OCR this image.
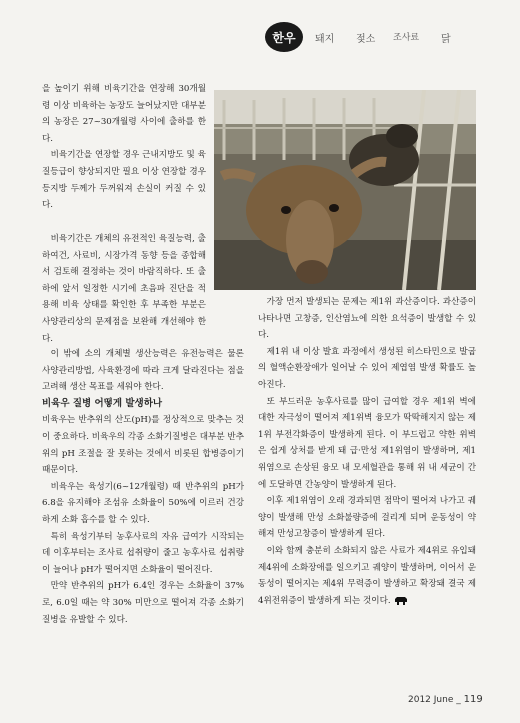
한우	돼지 젖소 조사료 닭

을 높이기 위해 비육기간을 연장해 30개월령 이상 비육하는 농장도 늘어났지만 대부분의 농장은 27~30개월령 사이에 출하를 한다.

비육기간을 연장할 경우 근내지방도 및 육질등급이 향상되지만 필요 이상 연장할 경우 등지방 두께가 두꺼워져 손실이 커질 수 있다.

비육기간은 개체의 유전적인 육질능력, 출하여건, 사료비, 시장가격 동향 등을 종합해서 검토해 결정하는 것이 바람직하다. 또 출하에 앞서 일정한 시기에 초음파 진단을 적용해 비육 상태를 확인한 후 부족한 부분은 사양관리상의 문제점을 보완해 개선해야 한다.

이 밖에 소의 개체별 생산능력은 유전능력은 물론 사양관리방법, 사육환경에 따라 크게 달라진다는 점을 고려해 생산 목표를 세워야 한다.

비육우 질병 어떻게 발생하나

비육우는 반추위의 산도(pH)를 정상적으로 맞추는 것이 중요하다. 비육우의 각종 소화기질병은 대부분 반추위의 pH 조절을 잘 못하는 것에서 비롯된 합병증이기 때문이다.

비육우는 육성기(6~12개월령) 때 반추위의 pH가 6.8을 유지해야 조섬유 소화율이 50%에 이르러 건강하게 소화 흡수를 할 수 있다.

특히 육성기부터 농후사료의 자유 급여가 시작되는데 이후부터는 조사료 섭취량이 줄고 농후사료 섭취량이 늘어나 pH가 떨어지면 소화율이 떨어진다.

만약 반추위의 pH가 6.4인 경우는 소화율이 37%로, 6.0일 때는 약 30% 미만으로 떨어져 각종 소화기질병을 유발할 수 있다.

가장 먼저 발생되는 문제는 제1위 과산증이다. 과산증이 나타나면 고창증, 인산염뇨에 의한 요석증이 발생할 수 있다.

제1위 내 이상 발효 과정에서 생성된 히스타민으로 발굽의 혈액순환장애가 일어날 수 있어 제엽염 발생 확률도 높아진다.

또 부드러운 농후사료를 많이 급여할 경우 제1위 벽에 대한 자극성이 떨어져 제1위벽 융모가 딱딱해지지 않는 제1위 부전각화증이 발생하게 된다. 이 부드럽고 약한 위벽은 쉽게 상처를 받게 돼 급·만성 제1위염이 발생하며, 제1위염으로 손상된 융모 내 모세혈관을 통해 위 내 세균이 간에 도달하면 간농양이 발생하게 된다.

이후 제1위염이 오래 경과되면 점막이 떨어져 나가고 궤양이 발생해 만성 소화불량증에 걸리게 되며 운동성이 약해져 만성고창증이 발생하게 된다.

이와 함께 충분히 소화되지 않은 사료가 제4위로 유입돼 제4위에 소화장애를 일으키고 궤양이 발생하며, 이어서 운동성이 떨어지는 제4위 무력증이 발생하고 확장돼 결국 제4위전위증이 발생하게 되는 것이다.

2012 June _ 119
